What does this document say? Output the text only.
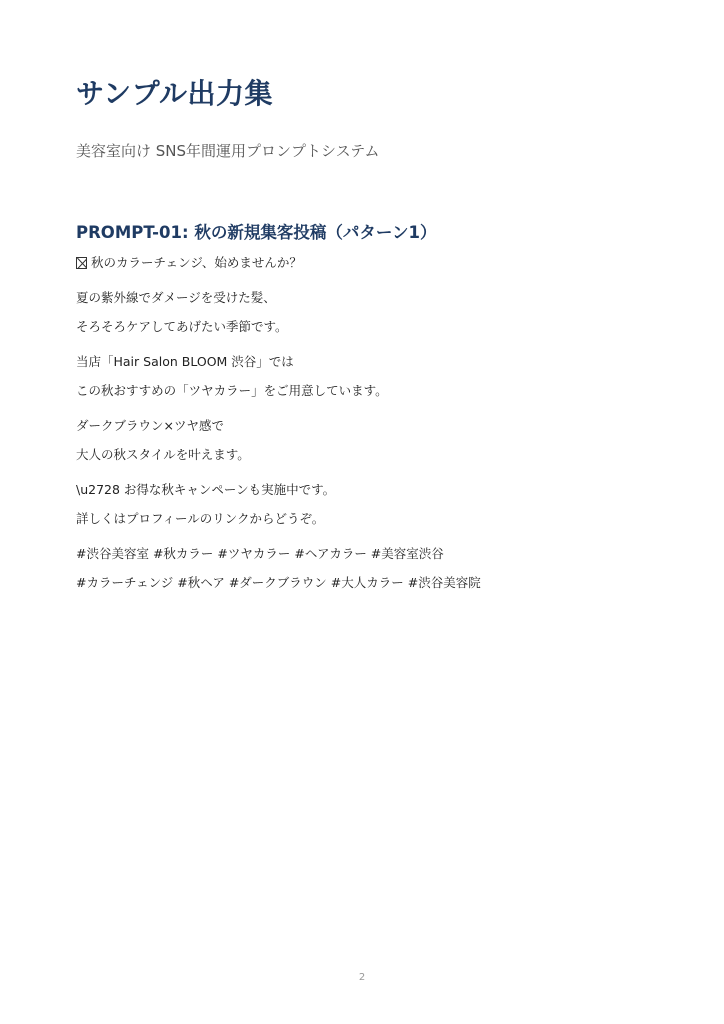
サンプル出力集

美容室向け SNS年間運用プロンプトシステム

PROMPT-01: 秋の新規集客投稿（パターン1）
秋のカラーチェンジ、始めませんか？
夏の紫外線でダメージを受けた髪、
そろそろケアしてあげたい季節です。
当店「Hair Salon BLOOM 渋谷」では
この秋おすすめの「ツヤカラー」をご用意しています。
ダークブラウン×ツヤ感で
大人の秋スタイルを叶えます。
\u2728 お得な秋キャンペーンも実施中です。
詳しくはプロフィールのリンクからどうぞ。
#渋谷美容室 #秋カラー #ツヤカラー #ヘアカラー #美容室渋谷
#カラーチェンジ #秋ヘア #ダークブラウン #大人カラー #渋谷美容院
2
